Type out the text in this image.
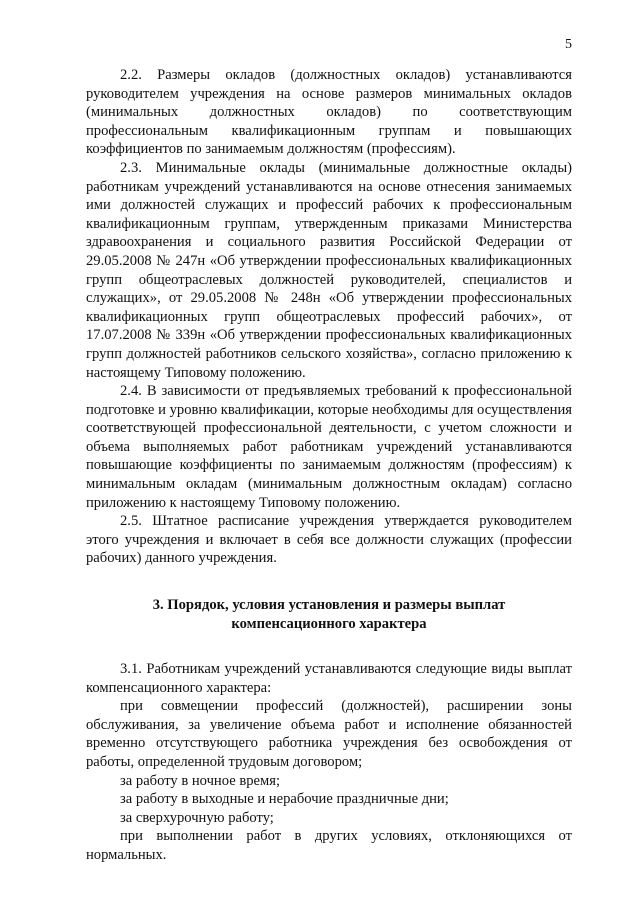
5

2.2. Размеры окладов (должностных окладов) устанавливаются руководителем учреждения на основе размеров минимальных окладов (минимальных должностных окладов) по соответствующим профессиональным квалификационным группам и повышающих коэффициентов по занимаемым должностям (профессиям).

2.3. Минимальные оклады (минимальные должностные оклады) работникам учреждений устанавливаются на основе отнесения занимаемых ими должностей служащих и профессий рабочих к профессиональным квалификационным группам, утвержденным приказами Министерства здравоохранения и социального развития Российской Федерации от 29.05.2008 № 247н «Об утверждении профессиональных квалификационных групп общеотраслевых должностей руководителей, специалистов и служащих», от 29.05.2008 № 248н «Об утверждении профессиональных квалификационных групп общеотраслевых профессий рабочих», от 17.07.2008 № 339н «Об утверждении профессиональных квалификационных групп должностей работников сельского хозяйства», согласно приложению к настоящему Типовому положению.

2.4. В зависимости от предъявляемых требований к профессиональной подготовке и уровню квалификации, которые необходимы для осуществления соответствующей профессиональной деятельности, с учетом сложности и объема выполняемых работ работникам учреждений устанавливаются повышающие коэффициенты по занимаемым должностям (профессиям) к минимальным окладам (минимальным должностным окладам) согласно приложению к настоящему Типовому положению.

2.5. Штатное расписание учреждения утверждается руководителем этого учреждения и включает в себя все должности служащих (профессии рабочих) данного учреждения.

3. Порядок, условия установления и размеры выплат
компенсационного характера

3.1. Работникам учреждений устанавливаются следующие виды выплат компенсационного характера:

при совмещении профессий (должностей), расширении зоны обслуживания, за увеличение объема работ и исполнение обязанностей временно отсутствующего работника учреждения без освобождения от работы, определенной трудовым договором;

за работу в ночное время;

за работу в выходные и нерабочие праздничные дни;

за сверхурочную работу;

при выполнении работ в других условиях, отклоняющихся от нормальных.
